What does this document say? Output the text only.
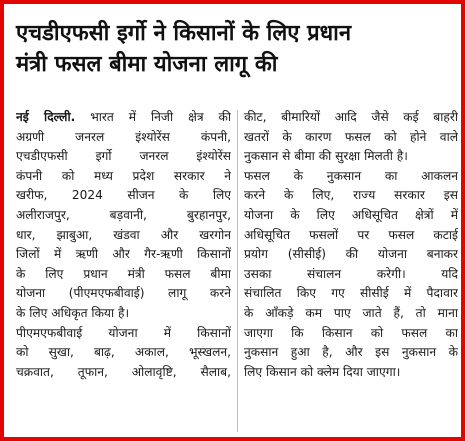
एचडीएफसी इर्गो ने किसानों के लिए प्रधान
मंत्री फसल बीमा योजना लागू की
नई दिल्ली. भारत में निजी क्षेत्र की
अग्रणी जनरल इंश्योरेंस कंपनी,
एचडीएफसी इर्गो जनरल इंश्योरेंस
कंपनी को मध्य प्रदेश सरकार ने
खरीफ, 2024 सीजन के लिए
अलीराजपुर, बड़वानी, बुरहानपुर,
धार, झाबुआ, खंडवा और खरगोन
जिलों में ऋणी और गैर-ऋणी किसानों
के लिए प्रधान मंत्री फसल बीमा
योजना (पीएमएफबीवाई) लागू करने
के लिए अधिकृत किया है।
पीएमएफबीवाई योजना में किसानों
को सुखा, बाढ़, अकाल, भूस्खलन,
चक्रवात, तूफान, ओलावृष्टि, सैलाब,
कीट, बीमारियों आदि जैसे कई बाहरी
खतरों के कारण फसल को होने वाले
नुकसान से बीमा की सुरक्षा मिलती है।
फसल के नुकसान का आकलन
करने के लिए, राज्य सरकार इस
योजना के लिए अधिसूचित क्षेत्रों में
अधिसूचित फसलों पर फसल कटाई
प्रयोग (सीसीई) की योजना बनाकर
उसका संचालन करेगी। यदि
संचालित किए गए सीसीई में पैदावार
के आँकड़े कम पाए जाते हैं, तो माना
जाएगा कि किसान को फसल का
नुकसान हुआ है, और इस नुकसान के
लिए किसान को क्लेम दिया जाएगा।
